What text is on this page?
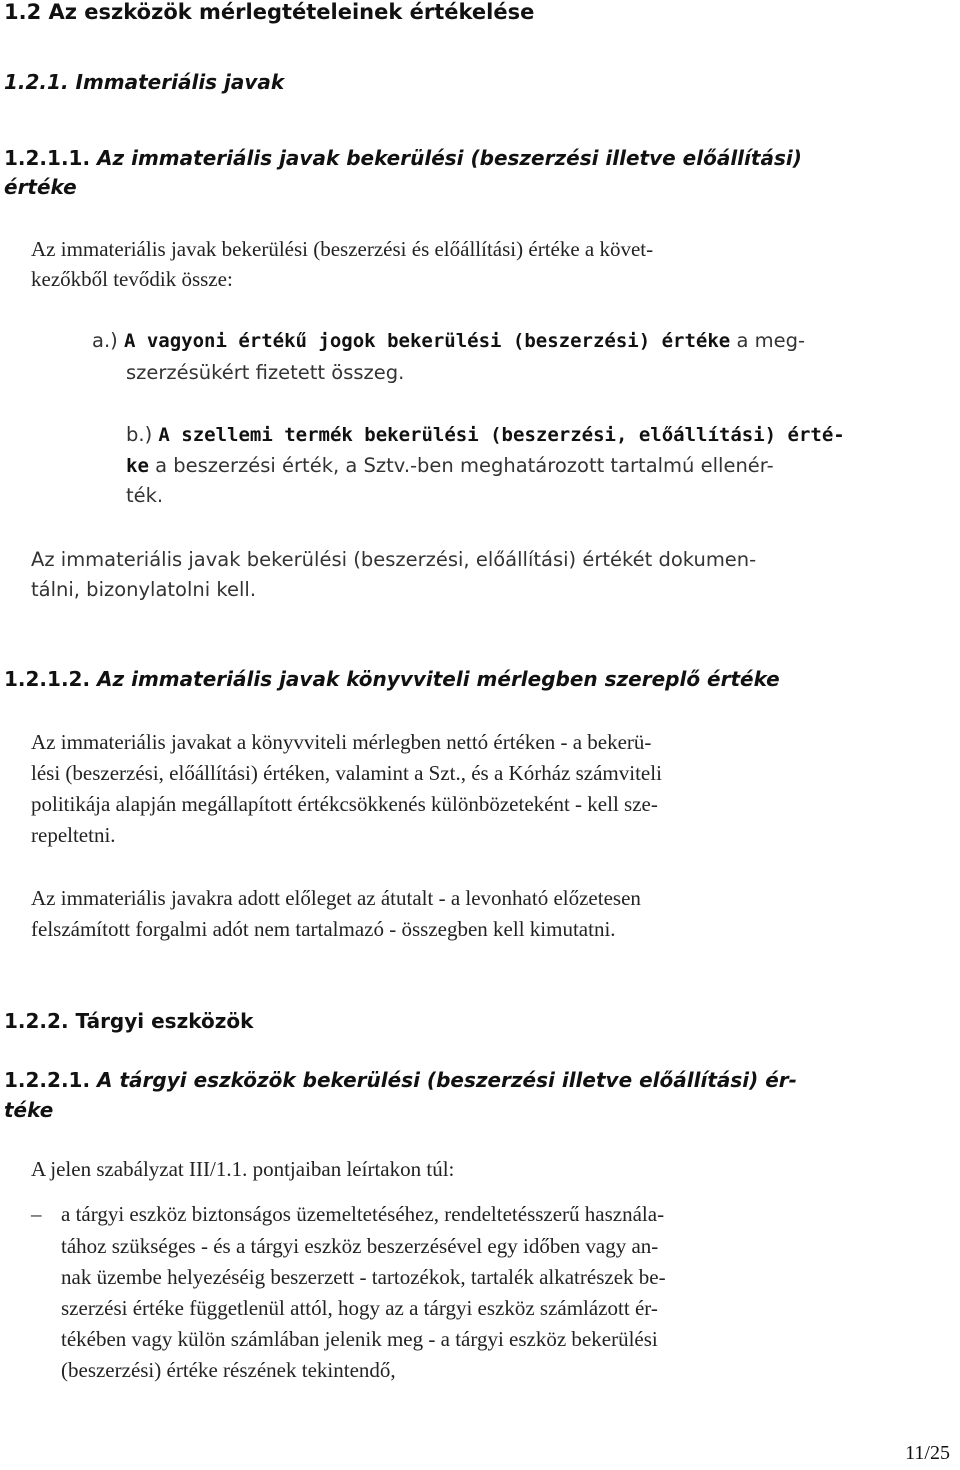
1.2 Az eszközök mérlegtételeinek értékelése
1.2.1. Immateriális javak
1.2.1.1. Az immateriális javak bekerülési (beszerzési illetve előállítási)
értéke
Az immateriális javak bekerülési (beszerzési és előállítási) értéke a követ-
kezőkből tevődik össze:
a.) A vagyoni értékű jogok bekerülési (beszerzési) értéke a meg-
szerzésükért fizetett összeg.
b.) A szellemi termék bekerülési (beszerzési, előállítási) érté-
ke a beszerzési érték, a Sztv.-ben meghatározott tartalmú ellenér-
ték.
Az immateriális javak bekerülési (beszerzési, előállítási) értékét dokumen-
tálni, bizonylatolni kell.
1.2.1.2. Az immateriális javak könyvviteli mérlegben szereplő értéke
Az immateriális javakat a könyvviteli mérlegben nettó értéken - a bekerü-
lési (beszerzési, előállítási) értéken, valamint a Szt., és a Kórház számviteli
politikája alapján megállapított értékcsökkenés különbözeteként - kell sze-
repeltetni.
Az immateriális javakra adott előleget az átutalt - a levonható előzetesen
felszámított forgalmi adót nem tartalmazó - összegben kell kimutatni.
1.2.2. Tárgyi eszközök
1.2.2.1. A tárgyi eszközök bekerülési (beszerzési illetve előállítási) ér-
téke
A jelen szabályzat III/1.1. pontjaiban leírtakon túl:
– a tárgyi eszköz biztonságos üzemeltetéséhez, rendeltetésszerű használa-
tához szükséges - és a tárgyi eszköz beszerzésével egy időben vagy an-
nak üzembe helyezéséig beszerzett - tartozékok, tartalék alkatrészek be-
szerzési értéke függetlenül attól, hogy az a tárgyi eszköz számlázott ér-
tékében vagy külön számlában jelenik meg - a tárgyi eszköz bekerülési
(beszerzési) értéke részének tekintendő,
11/25
